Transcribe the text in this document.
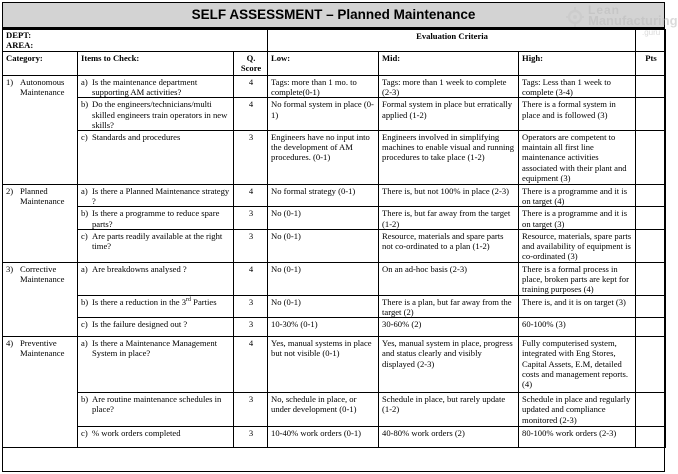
SELF ASSESSMENT – Planned Maintenance	Lean
Manufacturing
.guru
DEPT:
AREA:			Evaluation Criteria			
Category:	Items to Check:	Q. Score	Low:	Mid:	High:	Pts

1) Autonomous Maintenance	a) Is the maintenance department supporting AM activities?	4	Tags: more than 1 mo. to complete(0-1)	Tags: more than 1 week to complete (2-3)	Tags: Less than 1 week to complete (3-4)	

	b) Do the engineers/technicians/multi skilled engineers train operators in new skills?	4	No formal system in place (0-1)	Formal system in place but erratically applied (1-2)	There is a formal system in place and is followed (3)	

	c) Standards and procedures	3	Engineers have no input into the development of AM procedures. (0-1)	Engineers involved in simplifying machines to enable visual and running procedures to take place (1-2)	Operators are competent to maintain all first line maintenance activities associated with their plant and equipment (3)	

2) Planned Maintenance	a) Is there a Planned Maintenance strategy ?	4	No formal strategy (0-1)	There is, but not 100% in place (2-3)	There is a programme and it is on target (4)	

	b) Is there a programme to reduce spare parts?	3	No (0-1)	There is, but far away from the target (1-2)	There is a programme and it is on target (3)	

	c) Are parts readily available at the right time?	3	No (0-1)	Resource, materials and spare parts not co-ordinated to a plan (1-2)	Resource, materials, spare parts and availability of equipment is co-ordinated (3)	

3) Corrective Maintenance	a) Are breakdowns analysed ?	4	No (0-1)	On an ad-hoc basis (2-3)	There is a formal process in place, broken parts are kept for training purposes (4)	

	b) Is there a reduction in the 3rd Parties	3	No (0-1)	There is a plan, but far away from the target (2)	There is, and it is on target (3)	

	c) Is the failure designed out ?	3	10-30% (0-1)	30-60% (2)	60-100% (3)	

4) Preventive Maintenance	a) Is there a Maintenance Management System in place?	4	Yes, manual systems in place but not visible (0-1)	Yes, manual system in place, progress and status clearly and visibly displayed (2-3)	Fully computerised system, integrated with Eng Stores, Capital Assets, E.M, detailed costs and management reports. (4)	

	b) Are routine maintenance schedules in place?	3	No, schedule in place, or under development (0-1)	Schedule in place, but rarely update (1-2)	Schedule in place and regularly updated and compliance monitored (2-3)	

	c) % work orders completed	3	10-40% work orders (0-1)	40-80% work orders (2)	80-100% work orders (2-3)	
